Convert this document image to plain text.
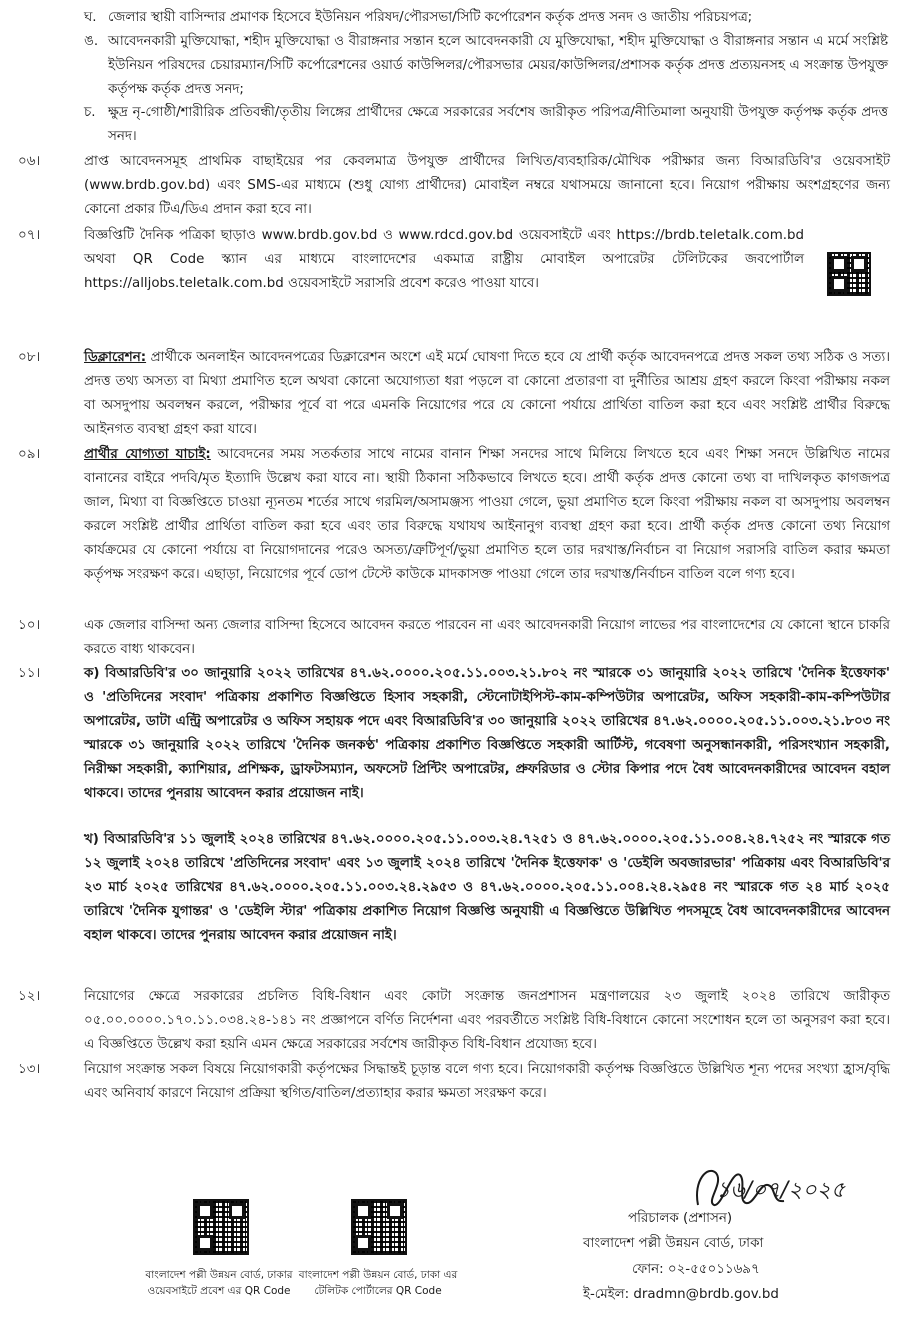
ঘ. জেলার স্থায়ী বাসিন্দার প্রমাণক হিসেবে ইউনিয়ন পরিষদ/পৌরসভা/সিটি কর্পোরেশন কর্তৃক প্রদত্ত সনদ ও জাতীয় পরিচয়পত্র;
ঙ. আবেদনকারী মুক্তিযোদ্ধা, শহীদ মুক্তিযোদ্ধা ও বীরাঙ্গনার সন্তান হলে আবেদনকারী যে মুক্তিযোদ্ধা, শহীদ মুক্তিযোদ্ধা ও বীরাঙ্গনার সন্তান এ মর্মে সংশ্লিষ্ট ইউনিয়ন পরিষদের চেয়ারম্যান/সিটি কর্পোরেশনের ওয়ার্ড কাউন্সিলর/পৌরসভার মেয়র/কাউন্সিলর/প্রশাসক কর্তৃক প্রদত্ত প্রত্যয়নসহ এ সংক্রান্ত উপযুক্ত কর্তৃপক্ষ কর্তৃক প্রদত্ত সনদ;
চ. ক্ষুদ্র নৃ-গোষ্ঠী/শারীরিক প্রতিবন্ধী/তৃতীয় লিঙ্গের প্রার্থীদের ক্ষেত্রে সরকারের সর্বশেষ জারীকৃত পরিপত্র/নীতিমালা অনুযায়ী উপযুক্ত কর্তৃপক্ষ কর্তৃক প্রদত্ত সনদ।
০৬।	প্রাপ্ত আবেদনসমূহ প্রাথমিক বাছাইয়ের পর কেবলমাত্র উপযুক্ত প্রার্থীদের লিখিত/ব্যবহারিক/মৌখিক পরীক্ষার জন্য বিআরডিবি'র ওয়েবসাইট (www.brdb.gov.bd) এবং SMS-এর মাধ্যমে (শুধু যোগ্য প্রার্থীদের) মোবাইল নম্বরে যথাসময়ে জানানো হবে। নিয়োগ পরীক্ষায় অংশগ্রহণের জন্য কোনো প্রকার টিএ/ডিএ প্রদান করা হবে না।
০৭।	বিজ্ঞপ্তিটি দৈনিক পত্রিকা ছাড়াও www.brdb.gov.bd ও www.rdcd.gov.bd ওয়েবসাইটে এবং https://brdb.teletalk.com.bd অথবা QR Code স্ক্যান এর মাধ্যমে বাংলাদেশের একমাত্র রাষ্ট্রীয় মোবাইল অপারেটর টেলিটকের জবপোর্টাল https://alljobs.teletalk.com.bd ওয়েবসাইটে সরাসরি প্রবেশ করেও পাওয়া যাবে।
০৮।	ডিক্লারেশন: প্রার্থীকে অনলাইন আবেদনপত্রের ডিক্লারেশন অংশে এই মর্মে ঘোষণা দিতে হবে যে প্রার্থী কর্তৃক আবেদনপত্রে প্রদত্ত সকল তথ্য সঠিক ও সত্য। প্রদত্ত তথ্য অসত্য বা মিথ্যা প্রমাণিত হলে অথবা কোনো অযোগ্যতা ধরা পড়লে বা কোনো প্রতারণা বা দুর্নীতির আশ্রয় গ্রহণ করলে কিংবা পরীক্ষায় নকল বা অসদুপায় অবলম্বন করলে, পরীক্ষার পূর্বে বা পরে এমনকি নিয়োগের পরে যে কোনো পর্যায়ে প্রার্থিতা বাতিল করা হবে এবং সংশ্লিষ্ট প্রার্থীর বিরুদ্ধে আইনগত ব্যবস্থা গ্রহণ করা যাবে।
০৯।	প্রার্থীর যোগ্যতা যাচাই: আবেদনের সময় সতর্কতার সাথে নামের বানান শিক্ষা সনদের সাথে মিলিয়ে লিখতে হবে এবং শিক্ষা সনদে উল্লিখিত নামের বানানের বাইরে পদবি/মৃত ইত্যাদি উল্লেখ করা যাবে না। স্থায়ী ঠিকানা সঠিকভাবে লিখতে হবে। প্রার্থী কর্তৃক প্রদত্ত কোনো তথ্য বা দাখিলকৃত কাগজপত্র জাল, মিথ্যা বা বিজ্ঞপ্তিতে চাওয়া ন্যূনতম শর্তের সাথে গরমিল/অসামঞ্জস্য পাওয়া গেলে, ভুয়া প্রমাণিত হলে কিংবা পরীক্ষায় নকল বা অসদুপায় অবলম্বন করলে সংশ্লিষ্ট প্রার্থীর প্রার্থিতা বাতিল করা হবে এবং তার বিরুদ্ধে যথাযথ আইনানুগ ব্যবস্থা গ্রহণ করা হবে। প্রার্থী কর্তৃক প্রদত্ত কোনো তথ্য নিয়োগ কার্যক্রমের যে কোনো পর্যায়ে বা নিয়োগদানের পরেও অসত্য/ত্রুটিপূর্ণ/ভুয়া প্রমাণিত হলে তার দরখাস্ত/নির্বাচন বা নিয়োগ সরাসরি বাতিল করার ক্ষমতা কর্তৃপক্ষ সংরক্ষণ করে। এছাড়া, নিয়োগের পূর্বে ডোপ টেস্টে কাউকে মাদকাসক্ত পাওয়া গেলে তার দরখাস্ত/নির্বাচন বাতিল বলে গণ্য হবে।
১০।	এক জেলার বাসিন্দা অন্য জেলার বাসিন্দা হিসেবে আবেদন করতে পারবেন না এবং আবেদনকারী নিয়োগ লাভের পর বাংলাদেশের যে কোনো স্থানে চাকরি করতে বাধ্য থাকবেন।
১১।	ক) বিআরডিবি'র ৩০ জানুয়ারি ২০২২ তারিখের ৪৭.৬২.০০০০.২০৫.১১.০০৩.২১.৮০২ নং স্মারকে ৩১ জানুয়ারি ২০২২ তারিখে 'দৈনিক ইত্তেফাক' ও 'প্রতিদিনের সংবাদ' পত্রিকায় প্রকাশিত বিজ্ঞপ্তিতে হিসাব সহকারী, স্টেনোটাইপিস্ট-কাম-কম্পিউটার অপারেটর, অফিস সহকারী-কাম-কম্পিউটার অপারেটর, ডাটা এন্ট্রি অপারেটর ও অফিস সহায়ক পদে এবং বিআরডিবি'র ৩০ জানুয়ারি ২০২২ তারিখের ৪৭.৬২.০০০০.২০৫.১১.০০৩.২১.৮০৩ নং স্মারকে ৩১ জানুয়ারি ২০২২ তারিখে 'দৈনিক জনকণ্ঠ' পত্রিকায় প্রকাশিত বিজ্ঞপ্তিতে সহকারী আর্টিস্ট, গবেষণা অনুসন্ধানকারী, পরিসংখ্যান সহকারী, নিরীক্ষা সহকারী, ক্যাশিয়ার, প্রশিক্ষক, ড্রাফটসম্যান, অফসেট প্রিন্টিং অপারেটর, প্রুফরিডার ও স্টোর কিপার পদে বৈধ আবেদনকারীদের আবেদন বহাল থাকবে। তাদের পুনরায় আবেদন করার প্রয়োজন নাই।
খ) বিআরডিবি'র ১১ জুলাই ২০২৪ তারিখের ৪৭.৬২.০০০০.২০৫.১১.০০৩.২৪.৭২৫১ ও ৪৭.৬২.০০০০.২০৫.১১.০০৪.২৪.৭২৫২ নং স্মারকে গত ১২ জুলাই ২০২৪ তারিখে 'প্রতিদিনের সংবাদ' এবং ১৩ জুলাই ২০২৪ তারিখে 'দৈনিক ইত্তেফাক' ও 'ডেইলি অবজারভার' পত্রিকায় এবং বিআরডিবি'র ২৩ মার্চ ২০২৫ তারিখের ৪৭.৬২.০০০০.২০৫.১১.০০৩.২৪.২৯৫৩ ও ৪৭.৬২.০০০০.২০৫.১১.০০৪.২৪.২৯৫৪ নং স্মারকে গত ২৪ মার্চ ২০২৫ তারিখে 'দৈনিক যুগান্তর' ও 'ডেইলি স্টার' পত্রিকায় প্রকাশিত নিয়োগ বিজ্ঞপ্তি অনুযায়ী এ বিজ্ঞপ্তিতে উল্লিখিত পদসমূহে বৈধ আবেদনকারীদের আবেদন বহাল থাকবে। তাদের পুনরায় আবেদন করার প্রয়োজন নাই।
১২।	নিয়োগের ক্ষেত্রে সরকারের প্রচলিত বিধি-বিধান এবং কোটা সংক্রান্ত জনপ্রশাসন মন্ত্রণালয়ের ২৩ জুলাই ২০২৪ তারিখে জারীকৃত ০৫.০০.০০০০.১৭০.১১.০৩৪.২৪-১৪১ নং প্রজ্ঞাপনে বর্ণিত নির্দেশনা এবং পরবর্তীতে সংশ্লিষ্ট বিধি-বিধানে কোনো সংশোধন হলে তা অনুসরণ করা হবে। এ বিজ্ঞপ্তিতে উল্লেখ করা হয়নি এমন ক্ষেত্রে সরকারের সর্বশেষ জারীকৃত বিধি-বিধান প্রযোজ্য হবে।
১৩।	নিয়োগ সংক্রান্ত সকল বিষয়ে নিয়োগকারী কর্তৃপক্ষের সিদ্ধান্তই চূড়ান্ত বলে গণ্য হবে। নিয়োগকারী কর্তৃপক্ষ বিজ্ঞপ্তিতে উল্লিখিত শূন্য পদের সংখ্যা হ্রাস/বৃদ্ধি এবং অনিবার্য কারণে নিয়োগ প্রক্রিয়া স্থগিত/বাতিল/প্রত্যাহার করার ক্ষমতা সংরক্ষণ করে।
বাংলাদেশ পল্লী উন্নয়ন বোর্ড, ঢাকার ওয়েবসাইটে প্রবেশ এর QR Code
বাংলাদেশ পল্লী উন্নয়ন বোর্ড, ঢাকা এর টেলিটক পোর্টালের QR Code
১৬/০৭/২০২৫
পরিচালক (প্রশাসন)
বাংলাদেশ পল্লী উন্নয়ন বোর্ড, ঢাকা
ফোন: ০২-৫৫০১১৬৯৭
ই-মেইল: dradmn@brdb.gov.bd
